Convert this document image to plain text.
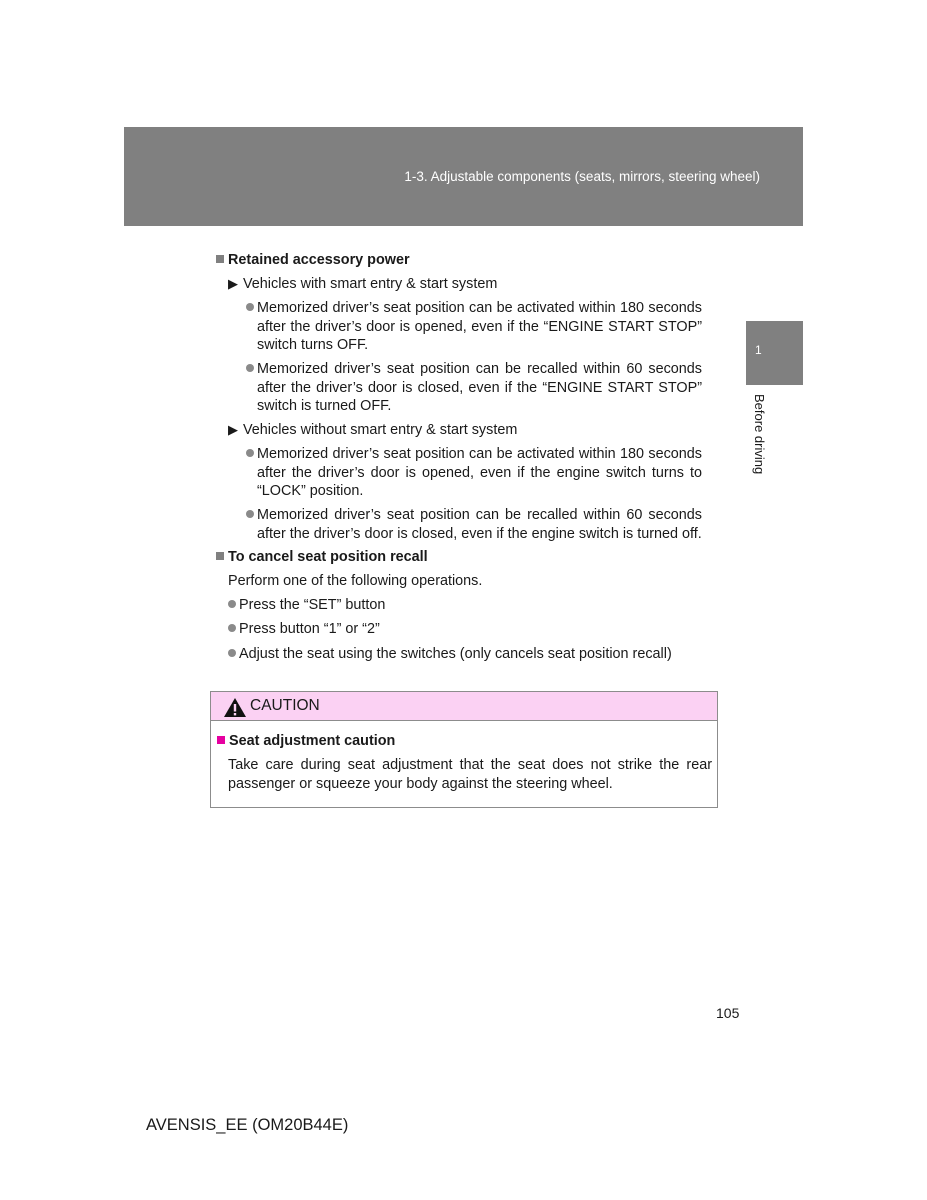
1-3. Adjustable components (seats, mirrors, steering wheel)
1
Before driving
Retained accessory power
▶ Vehicles with smart entry & start system
Memorized driver’s seat position can be activated within 180 seconds after the driver’s door is opened, even if the “ENGINE START STOP” switch turns OFF.
Memorized driver’s seat position can be recalled within 60 seconds after the driver’s door is closed, even if the “ENGINE START STOP” switch is turned OFF.
▶ Vehicles without smart entry & start system
Memorized driver’s seat position can be activated within 180 seconds after the driver’s door is opened, even if the engine switch turns to “LOCK” position.
Memorized driver’s seat position can be recalled within 60 seconds after the driver’s door is closed, even if the engine switch is turned off.
To cancel seat position recall
Perform one of the following operations.
Press the “SET” button
Press button “1” or “2”
Adjust the seat using the switches (only cancels seat position recall)
CAUTION
Seat adjustment caution
Take care during seat adjustment that the seat does not strike the rear passenger or squeeze your body against the steering wheel.
105
AVENSIS_EE (OM20B44E)
